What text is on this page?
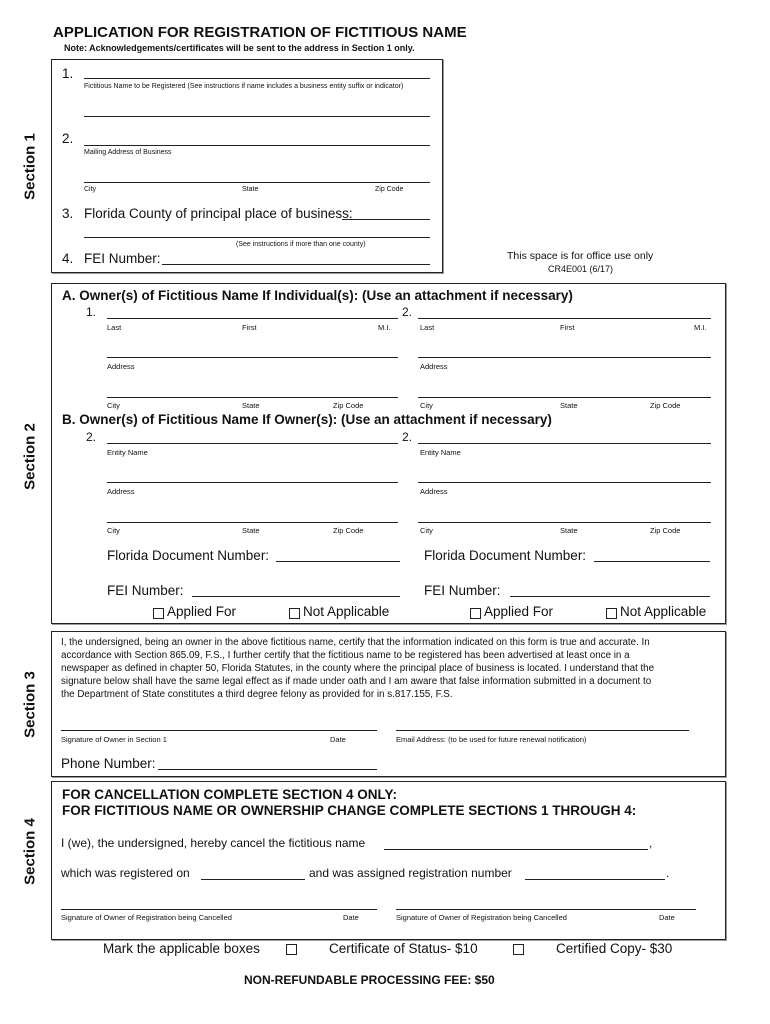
APPLICATION FOR REGISTRATION OF FICTITIOUS NAME
Note: Acknowledgements/certificates will be sent to the address in Section 1 only.
Section 1
1.
Fictitious Name to be Registered (See instructions if name includes a business entity suffix or indicator)
2.
Mailing Address of Business
City	State	Zip Code
3. Florida County of principal place of business:
(See instructions if more than one county)
4. FEI Number:	This space is for office use only
CR4E001 (6/17)
Section 2
A. Owner(s) of Fictitious Name If Individual(s): (Use an attachment if necessary)
1.	2.
Last	First	M.I.	Last	First	M.I.
Address	Address
City	State	Zip Code	City	State	Zip Code
B. Owner(s) of Fictitious Name If Owner(s): (Use an attachment if necessary)
2.	2.
Entity Name	Entity Name
Address	Address
City	State	Zip Code	City	State	Zip Code
Florida Document Number:	Florida Document Number:
FEI Number:	FEI Number:
Applied For	Not Applicable	Applied For	Not Applicable
Section 3
I, the undersigned, being an owner in the above fictitious name, certify that the information indicated on this form is true and accurate. In
accordance with Section 865.09, F.S., I further certify that the fictitious name to be registered has been advertised at least once in a
newspaper as defined in chapter 50, Florida Statutes, in the county where the principal place of business is located. I understand that the
signature below shall have the same legal effect as if made under oath and I am aware that false information submitted in a document to
the Department of State constitutes a third degree felony as provided for in s.817.155, F.S.
Signature of Owner in Section 1	Date	Email Address: (to be used for future renewal notification)
Phone Number:
Section 4
FOR CANCELLATION COMPLETE SECTION 4 ONLY:
FOR FICTITIOUS NAME OR OWNERSHIP CHANGE COMPLETE SECTIONS 1 THROUGH 4:
I (we), the undersigned, hereby cancel the fictitious name	,
which was registered on	and was assigned registration number	.
Signature of Owner of Registration being Cancelled	Date	Signature of Owner of Registration being Cancelled	Date
Mark the applicable boxes	Certificate of Status- $10	Certified Copy- $30
NON-REFUNDABLE PROCESSING FEE: $50
